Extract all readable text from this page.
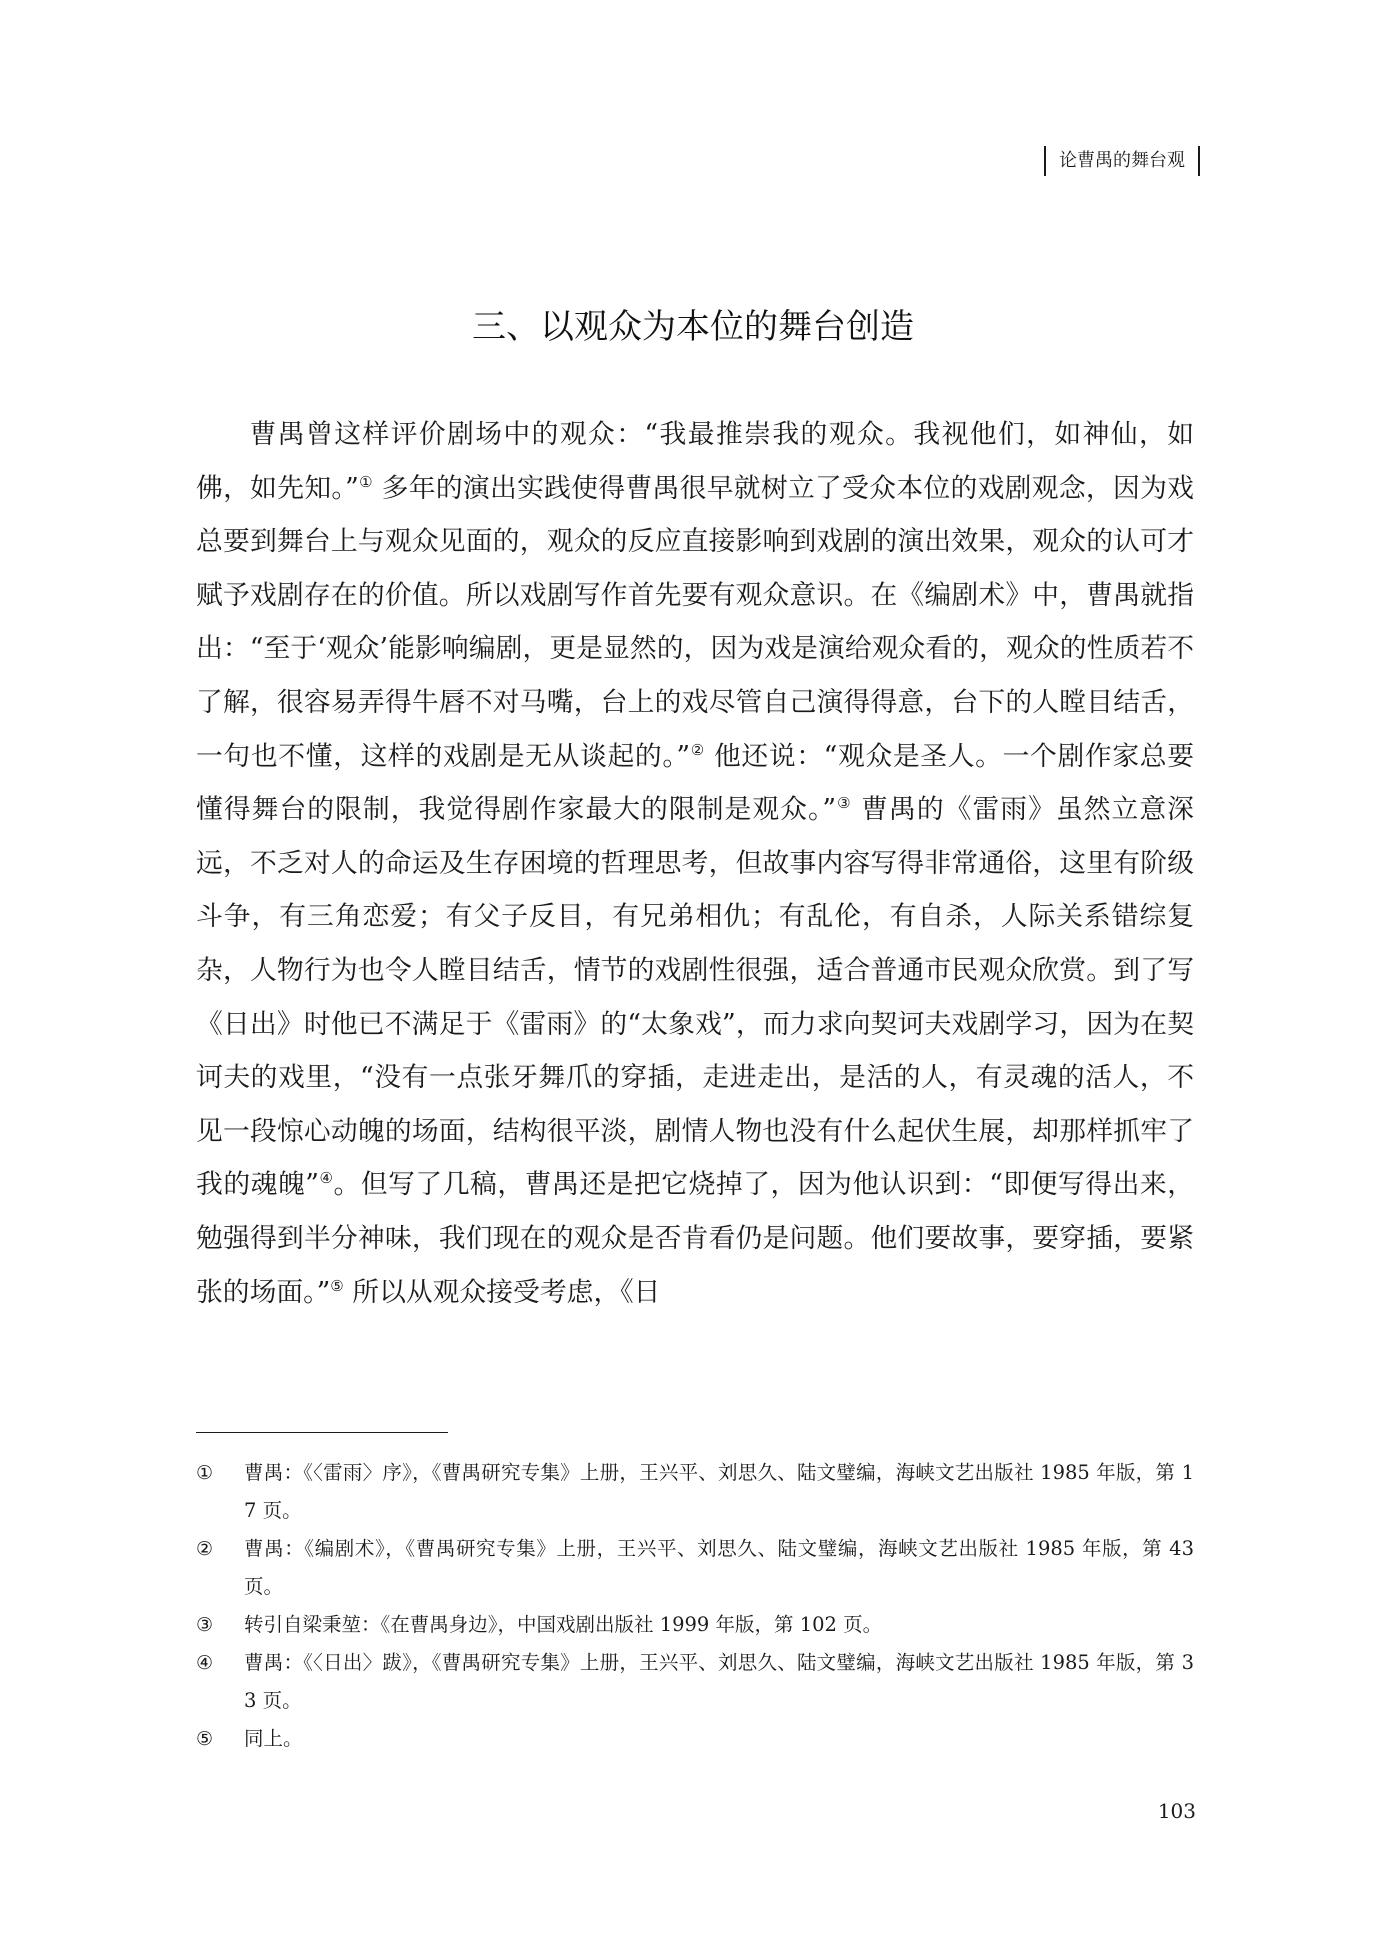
论曹禺的舞台观
三、以观众为本位的舞台创造

曹禺曾这样评价剧场中的观众：“我最推崇我的观众。我视他们，如神仙，如佛，如先知。”① 多年的演出实践使得曹禺很早就树立了受众本位的戏剧观念，因为戏总要到舞台上与观众见面的，观众的反应直接影响到戏剧的演出效果，观众的认可才赋予戏剧存在的价值。所以戏剧写作首先要有观众意识。在《编剧术》中，曹禺就指出：“至于‘观众’能影响编剧，更是显然的，因为戏是演给观众看的，观众的性质若不了解，很容易弄得牛唇不对马嘴，台上的戏尽管自己演得得意，台下的人瞠目结舌，一句也不懂，这样的戏剧是无从谈起的。”② 他还说：“观众是圣人。一个剧作家总要懂得舞台的限制，我觉得剧作家最大的限制是观众。”③ 曹禺的《雷雨》虽然立意深远，不乏对人的命运及生存困境的哲理思考，但故事内容写得非常通俗，这里有阶级斗争，有三角恋爱；有父子反目，有兄弟相仇；有乱伦，有自杀，人际关系错综复杂，人物行为也令人瞠目结舌，情节的戏剧性很强，适合普通市民观众欣赏。到了写《日出》时他已不满足于《雷雨》的“太象戏”，而力求向契诃夫戏剧学习，因为在契诃夫的戏里，“没有一点张牙舞爪的穿插，走进走出，是活的人，有灵魂的活人，不见一段惊心动魄的场面，结构很平淡，剧情人物也没有什么起伏生展，却那样抓牢了我的魂魄”④。但写了几稿，曹禺还是把它烧掉了，因为他认识到：“即便写得出来，勉强得到半分神味，我们现在的观众是否肯看仍是问题。他们要故事，要穿插，要紧张的场面。”⑤ 所以从观众接受考虑，《日

① 曹禺：《〈雷雨〉序》，《曹禺研究专集》上册，王兴平、刘思久、陆文璧编，海峡文艺出版社 1985 年版，第 17 页。
② 曹禺：《编剧术》，《曹禺研究专集》上册，王兴平、刘思久、陆文璧编，海峡文艺出版社 1985 年版，第 43 页。
③ 转引自梁秉堃：《在曹禺身边》，中国戏剧出版社 1999 年版，第 102 页。
④ 曹禺：《〈日出〉跋》，《曹禺研究专集》上册，王兴平、刘思久、陆文璧编，海峡文艺出版社 1985 年版，第 33 页。
⑤ 同上。
103
